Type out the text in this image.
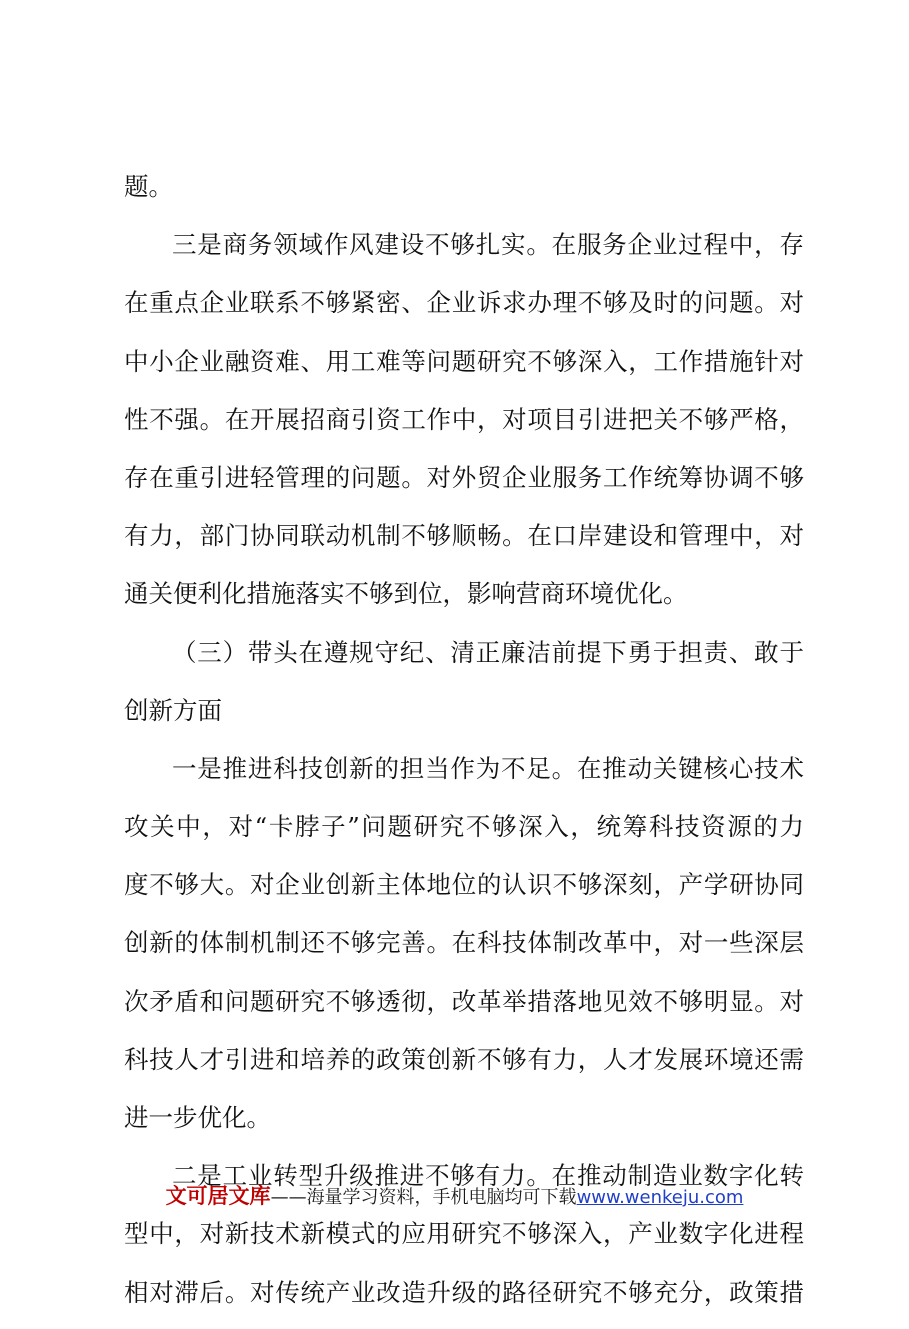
题。
三是商务领域作风建设不够扎实。在服务企业过程中，存
在重点企业联系不够紧密、企业诉求办理不够及时的问题。对
中小企业融资难、用工难等问题研究不够深入，工作措施针对
性不强。在开展招商引资工作中，对项目引进把关不够严格，
存在重引进轻管理的问题。对外贸企业服务工作统筹协调不够
有力，部门协同联动机制不够顺畅。在口岸建设和管理中，对
通关便利化措施落实不够到位，影响营商环境优化。
（三）带头在遵规守纪、清正廉洁前提下勇于担责、敢于
创新方面
一是推进科技创新的担当作为不足。在推动关键核心技术
攻关中，对“卡脖子”问题研究不够深入，统筹科技资源的力
度不够大。对企业创新主体地位的认识不够深刻，产学研协同
创新的体制机制还不够完善。在科技体制改革中，对一些深层
次矛盾和问题研究不够透彻，改革举措落地见效不够明显。对
科技人才引进和培养的政策创新不够有力，人才发展环境还需
进一步优化。
二是工业转型升级推进不够有力。在推动制造业数字化转
型中，对新技术新模式的应用研究不够深入，产业数字化进程
相对滞后。对传统产业改造升级的路径研究不够充分，政策措
文可居文库——海量学习资料，手机电脑均可下载www.wenkeju.com
